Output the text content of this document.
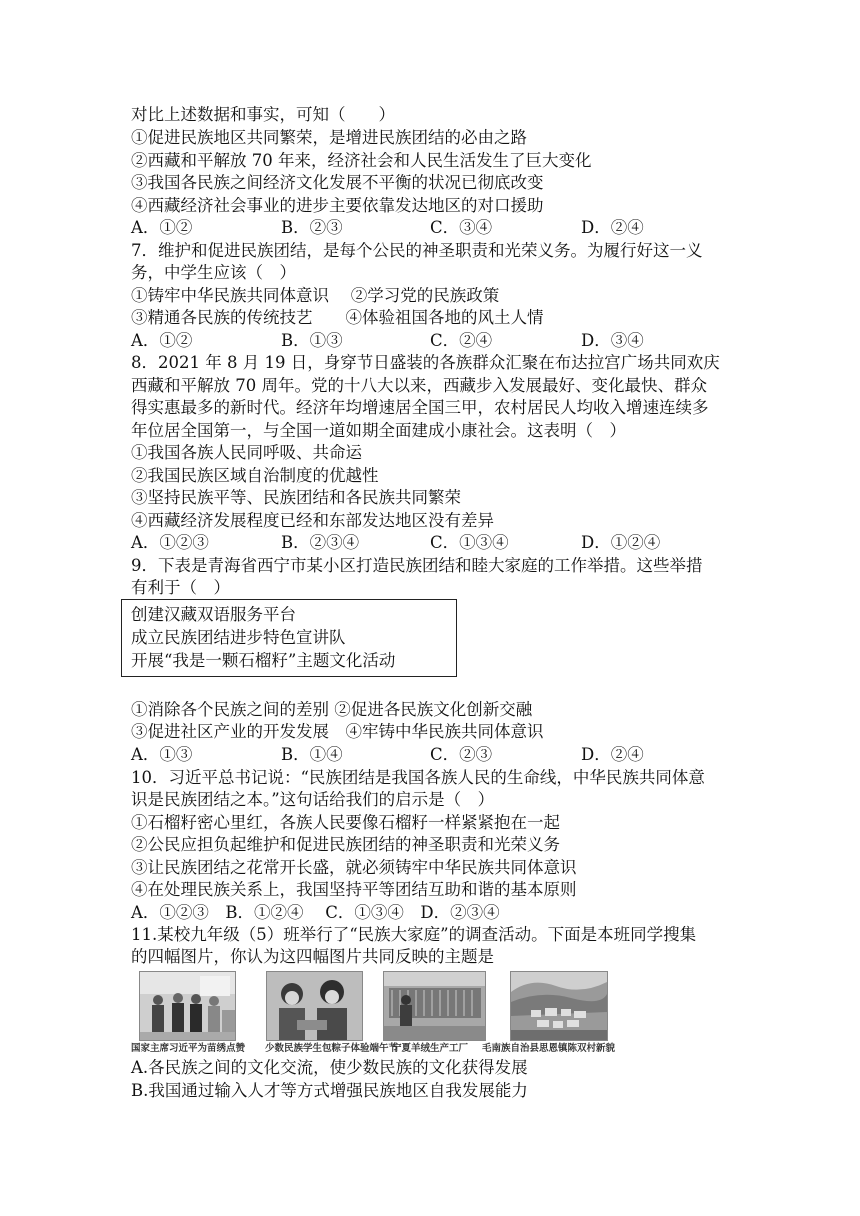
对比上述数据和事实，可知（　　）
①促进民族地区共同繁荣，是增进民族团结的必由之路
②西藏和平解放 70 年来，经济社会和人民生活发生了巨大变化
③我国各民族之间经济文化发展不平衡的状况已彻底改变
④西藏经济社会事业的进步主要依靠发达地区的对口援助
A．①②	B．②③	C．③④	D．②④
7．维护和促进民族团结，是每个公民的神圣职责和光荣义务。为履行好这一义
务，中学生应该（　）
①铸牢中华民族共同体意识　 ②学习党的民族政策
③精通各民族的传统技艺　　④体验祖国各地的风土人情
A．①②	B．①③	C．②④	D．③④
8．2021 年 8 月 19 日，身穿节日盛装的各族群众汇聚在布达拉宫广场共同欢庆
西藏和平解放 70 周年。党的十八大以来，西藏步入发展最好、变化最快、群众
得实惠最多的新时代。经济年均增速居全国三甲，农村居民人均收入增速连续多
年位居全国第一，与全国一道如期全面建成小康社会。这表明（　）
①我国各族人民同呼吸、共命运
②我国民族区域自治制度的优越性
③坚持民族平等、民族团结和各民族共同繁荣
④西藏经济发展程度已经和东部发达地区没有差异
A．①②③	B．②③④	C．①③④	D．①②④
9．下表是青海省西宁市某小区打造民族团结和睦大家庭的工作举措。这些举措
有利于（　）
创建汉藏双语服务平台
成立民族团结进步特色宣讲队
开展“我是一颗石榴籽”主题文化活动
①消除各个民族之间的差别 ②促进各民族文化创新交融
③促进社区产业的开发发展　④牢铸中华民族共同体意识
A．①③	B．①④	C．②③	D．②④
10．习近平总书记说：“民族团结是我国各族人民的生命线，中华民族共同体意
识是民族团结之本。”这句话给我们的启示是（　）
①石榴籽密心里红，各族人民要像石榴籽一样紧紧抱在一起
②公民应担负起维护和促进民族团结的神圣职责和光荣义务
③让民族团结之花常开长盛，就必须铸牢中华民族共同体意识
④在处理民族关系上，我国坚持平等团结互助和谐的基本原则
A．①②③　B．①②④　 C．①③④　D．②③④
11.某校九年级（5）班举行了“民族大家庭”的调查活动。下面是本班同学搜集
的四幅图片，你认为这四幅图片共同反映的主题是
国家主席习近平为苗绣点赞 少数民族学生包粽子体验端午节
宁夏羊绒生产工厂 毛南族自治县思恩镇陈双村新貌
A.各民族之间的文化交流，使少数民族的文化获得发展
B.我国通过输入人才等方式增强民族地区自我发展能力
